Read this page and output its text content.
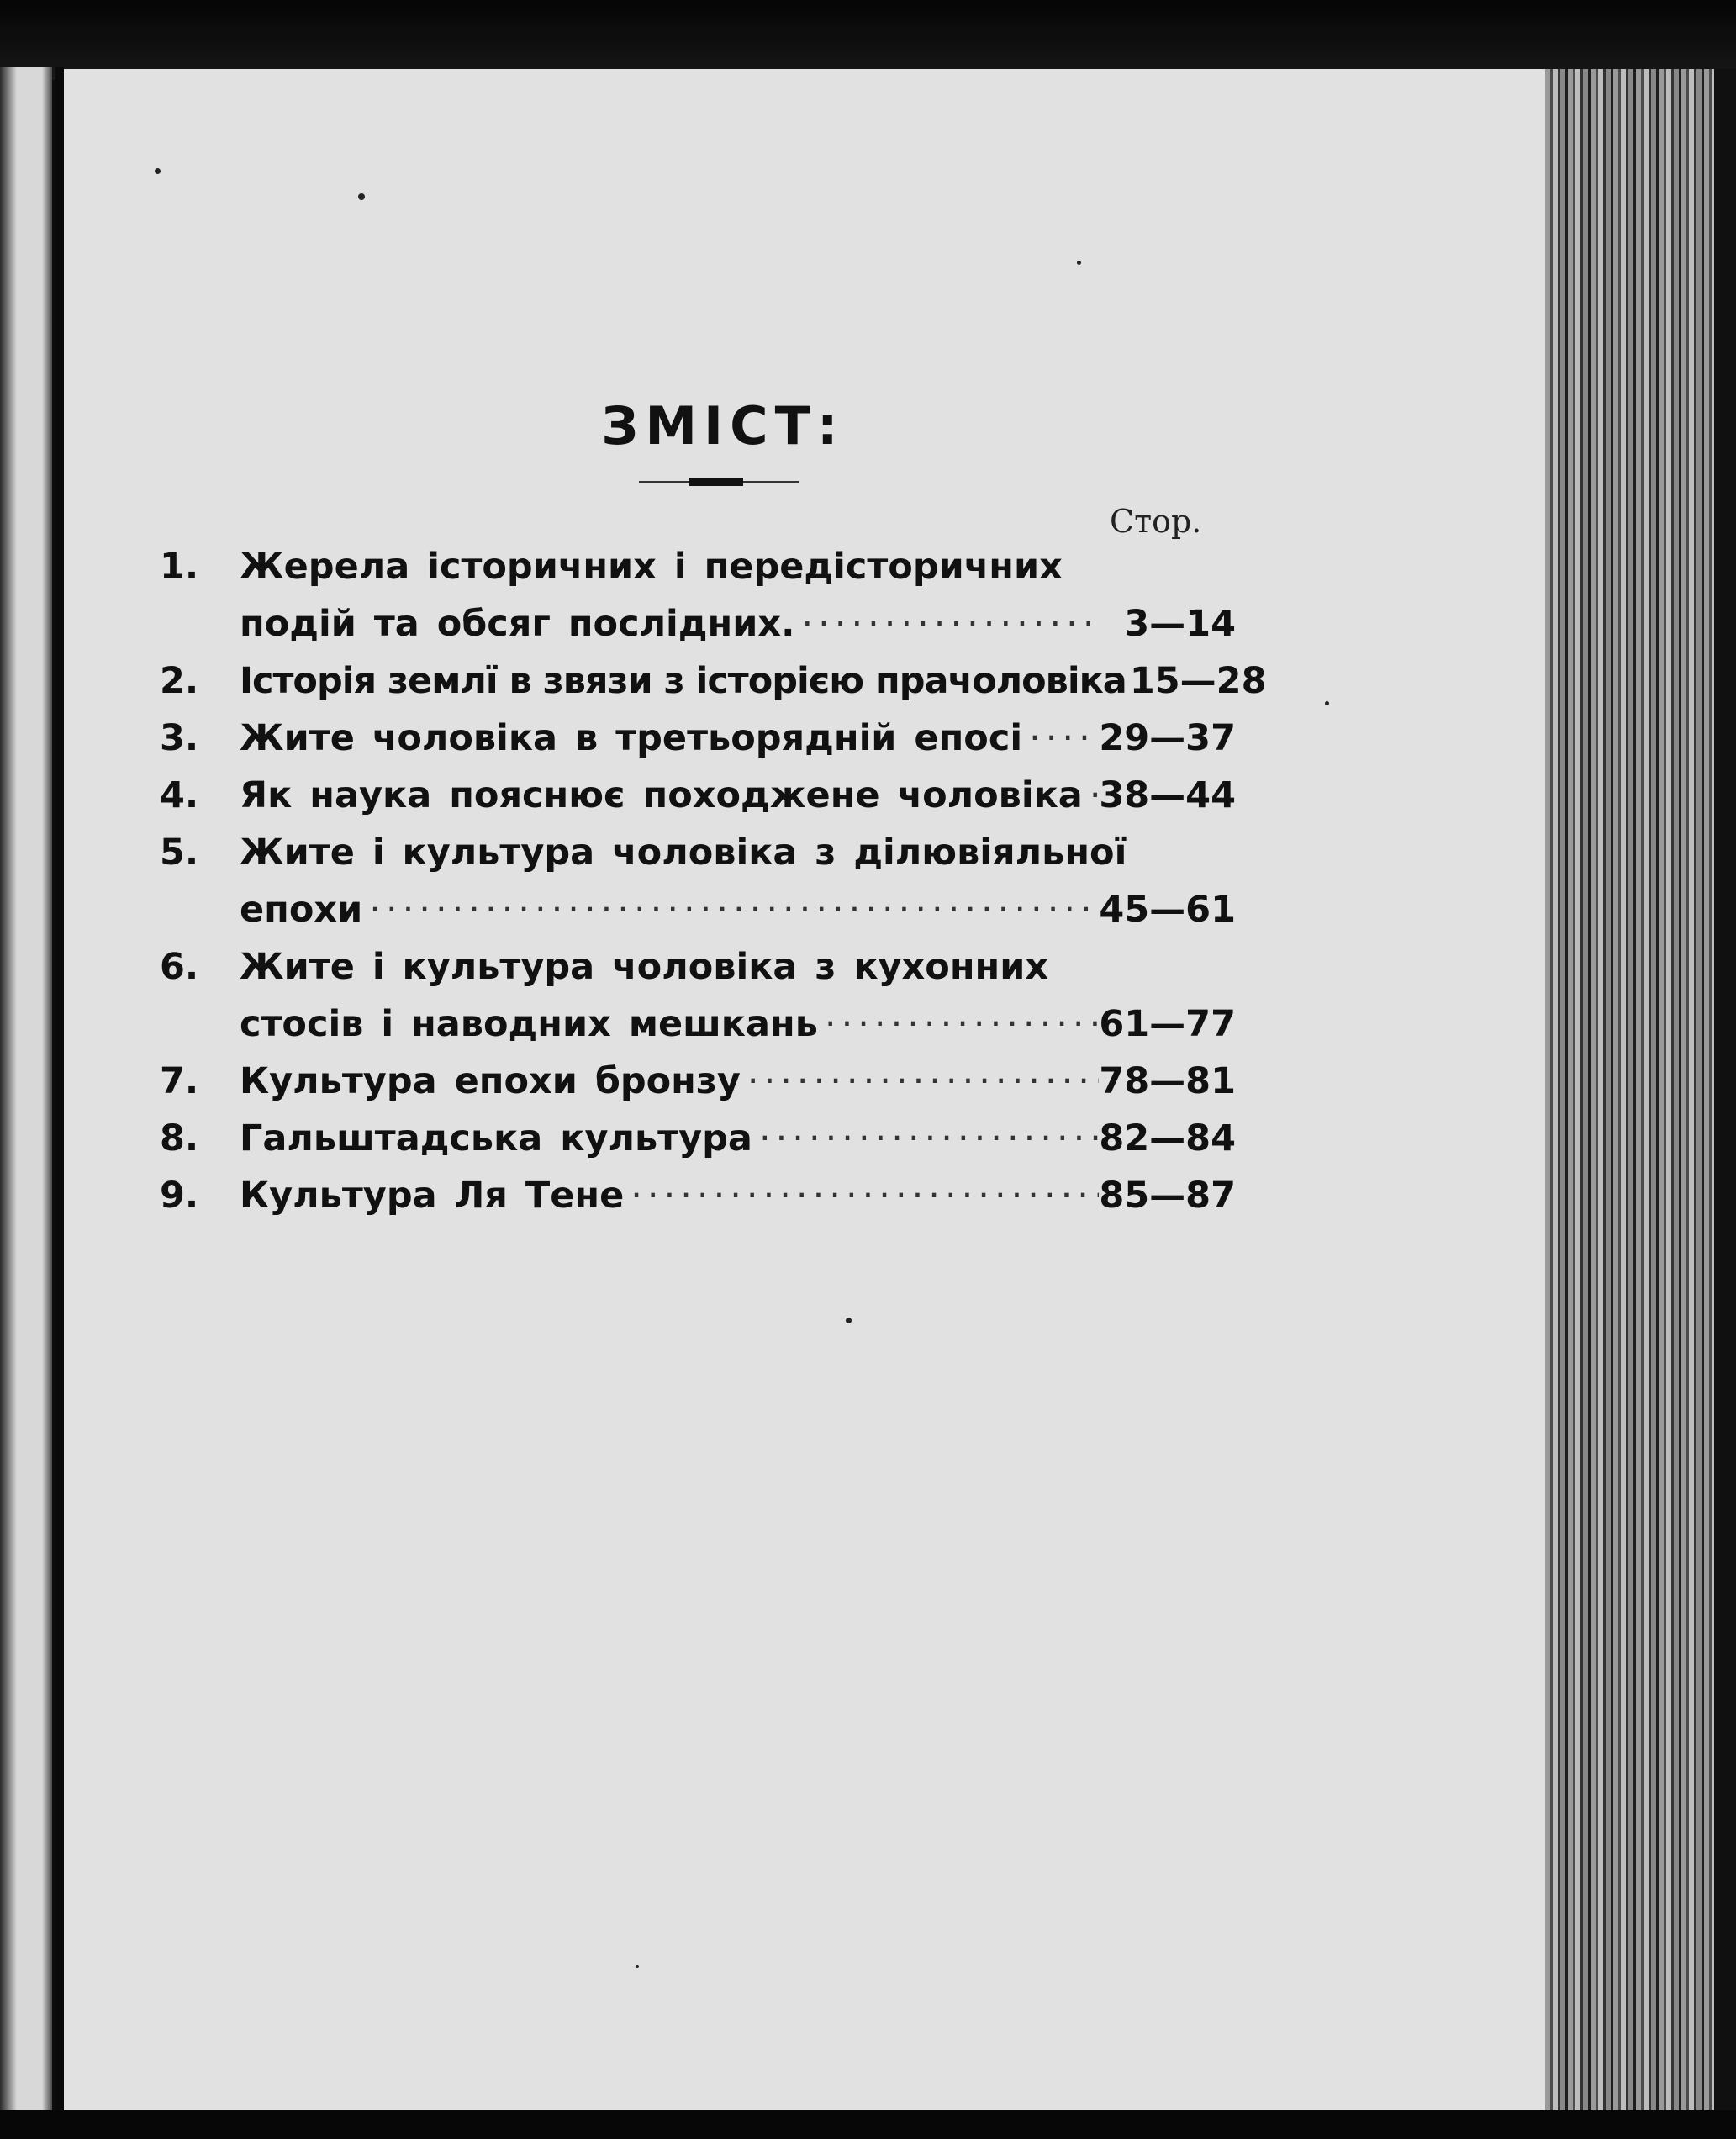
ЗМІСТ:
Стор.
1.	Жерела історичних і передісторичних
подій та обсяг послідних. ·····	3—14
2.	Історія землї в звязи з історією прачоловіка ····· 15—28
3.	Жите чоловіка в третьорядній епосі ····· 29—37
4.	Як наука пояснює походжене чоловіка ····· 38—44
5.	Жите і культура чоловіка з ділювіяльної
епохи ·····	45—61
6.	Жите і культура чоловіка з кухонних
стосів і наводних мешкань ·····	61—77
7.	Культура епохи бронзу ·····	78—81
8.	Гальштадська культура ·····	82—84
9.	Культура Ля Тене ·····	85—87
